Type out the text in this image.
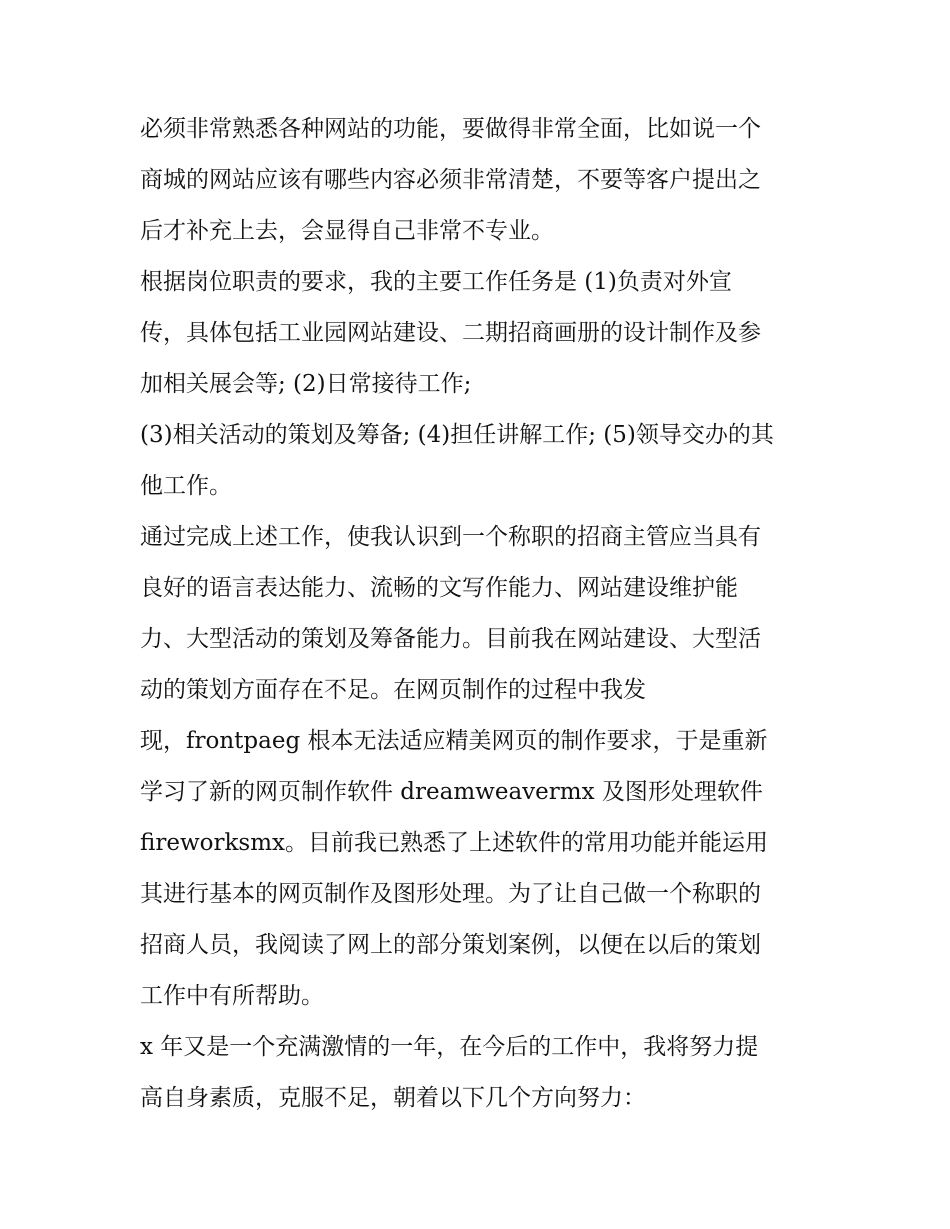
必须非常熟悉各种网站的功能，要做得非常全面，比如说一个
商城的网站应该有哪些内容必须非常清楚，不要等客户提出之
后才补充上去，会显得自己非常不专业。
根据岗位职责的要求，我的主要工作任务是 (1)负责对外宣
传，具体包括工业园网站建设、二期招商画册的设计制作及参
加相关展会等; (2)日常接待工作;
(3)相关活动的策划及筹备; (4)担任讲解工作; (5)领导交办的其
他工作。
通过完成上述工作，使我认识到一个称职的招商主管应当具有
良好的语言表达能力、流畅的文写作能力、网站建设维护能
力、大型活动的策划及筹备能力。目前我在网站建设、大型活
动的策划方面存在不足。在网页制作的过程中我发
现，frontpaeg 根本无法适应精美网页的制作要求，于是重新
学习了新的网页制作软件 dreamweavermx 及图形处理软件
fireworksmx。目前我已熟悉了上述软件的常用功能并能运用
其进行基本的网页制作及图形处理。为了让自己做一个称职的
招商人员，我阅读了网上的部分策划案例，以便在以后的策划
工作中有所帮助。
x 年又是一个充满激情的一年，在今后的工作中，我将努力提
高自身素质，克服不足，朝着以下几个方向努力：
